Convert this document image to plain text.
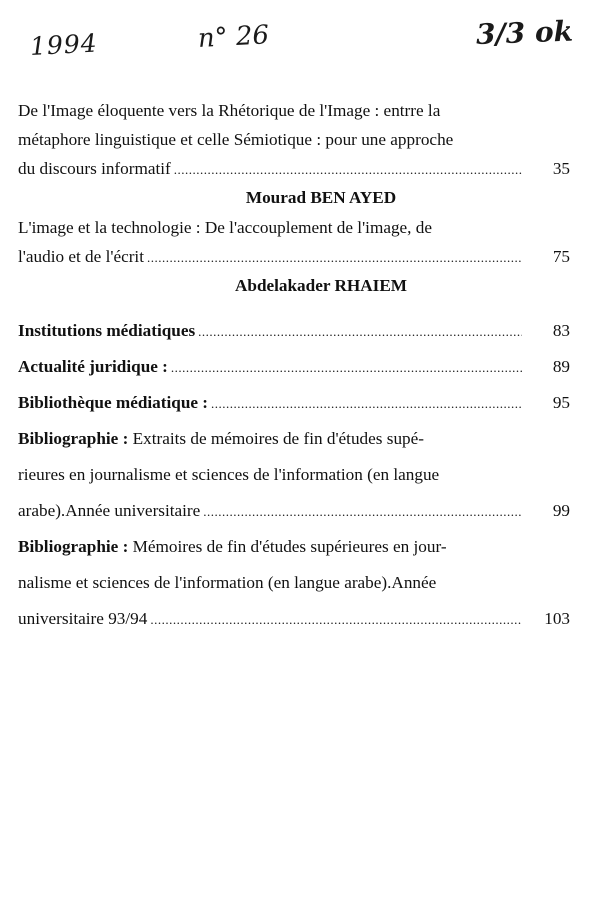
1994	n° 26	3/3 ok
De l'Image éloquente vers la Rhétorique de l'Image : entrre la
métaphore linguistique et celle Sémiotique : pour une approche
du discours informatif .....	35
Mourad BEN AYED
L'image et la technologie : De l'accouplement de l'image, de
l'audio et de l'écrit .....	75
Abdelakader RHAIEM
Institutions médiatiques .....	83
Actualité juridique : .....	89
Bibliothèque médiatique : .....	95
Bibliographie : Extraits de mémoires de fin d'études supé-
rieures en journalisme et sciences de l'information (en langue
arabe).Année universitaire .....	99
Bibliographie : Mémoires de fin d'études supérieures en jour-
nalisme et sciences de l'information (en langue arabe).Année
universitaire 93/94 .....	103
